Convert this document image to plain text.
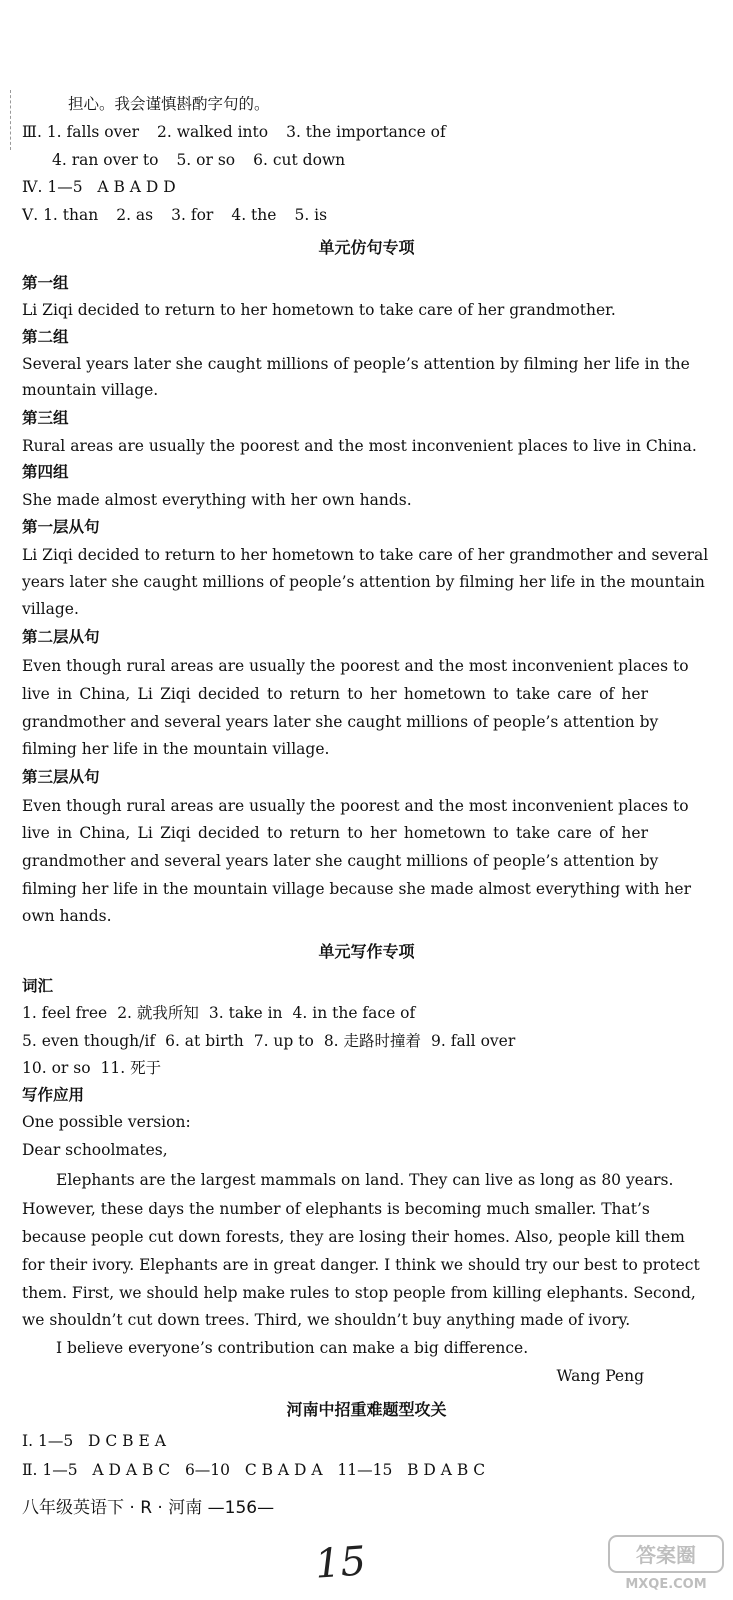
担心。我会谨慎斟酌字句的。
Ⅲ. 1. falls over 2. walked into 3. the importance of
4. ran over to 5. or so 6. cut down
Ⅳ. 1—5   A B A D D
Ⅴ. 1. than 2. as 3. for 4. the 5. is
单元仿句专项
第一组
Li Ziqi decided to return to her hometown to take care of her grandmother.
第二组
Several years later she caught millions of people’s attention by filming her life in the
mountain village.
第三组
Rural areas are usually the poorest and the most inconvenient places to live in China.
第四组
She made almost everything with her own hands.
第一层从句
Li Ziqi decided to return to her hometown to take care of her grandmother and several
years later she caught millions of people’s attention by filming her life in the mountain
village.
第二层从句
Even though rural areas are usually the poorest and the most inconvenient places to
live in China, Li Ziqi decided to return to her hometown to take care of her
grandmother and several years later she caught millions of people’s attention by
filming her life in the mountain village.
第三层从句
Even though rural areas are usually the poorest and the most inconvenient places to
live in China, Li Ziqi decided to return to her hometown to take care of her
grandmother and several years later she caught millions of people’s attention by
filming her life in the mountain village because she made almost everything with her
own hands.
单元写作专项
词汇
1. feel free 2. 就我所知 3. take in 4. in the face of
5. even though/if 6. at birth 7. up to 8. 走路时撞着 9. fall over
10. or so 11. 死于
写作应用
One possible version:
Dear schoolmates,
Elephants are the largest mammals on land. They can live as long as 80 years.
However, these days the number of elephants is becoming much smaller. That’s
because people cut down forests, they are losing their homes. Also, people kill them
for their ivory. Elephants are in great danger. I think we should try our best to protect
them. First, we should help make rules to stop people from killing elephants. Second,
we shouldn’t cut down trees. Third, we shouldn’t buy anything made of ivory.
I believe everyone’s contribution can make a big difference.
Wang Peng
河南中招重难题型攻关
Ⅰ. 1—5   D C B E A
Ⅱ. 1—5   A D A B C   6—10   C B A D A   11—15   B D A B C
八年级英语下 · R · 河南 —156—
15	答案圈
MXQE.COM
